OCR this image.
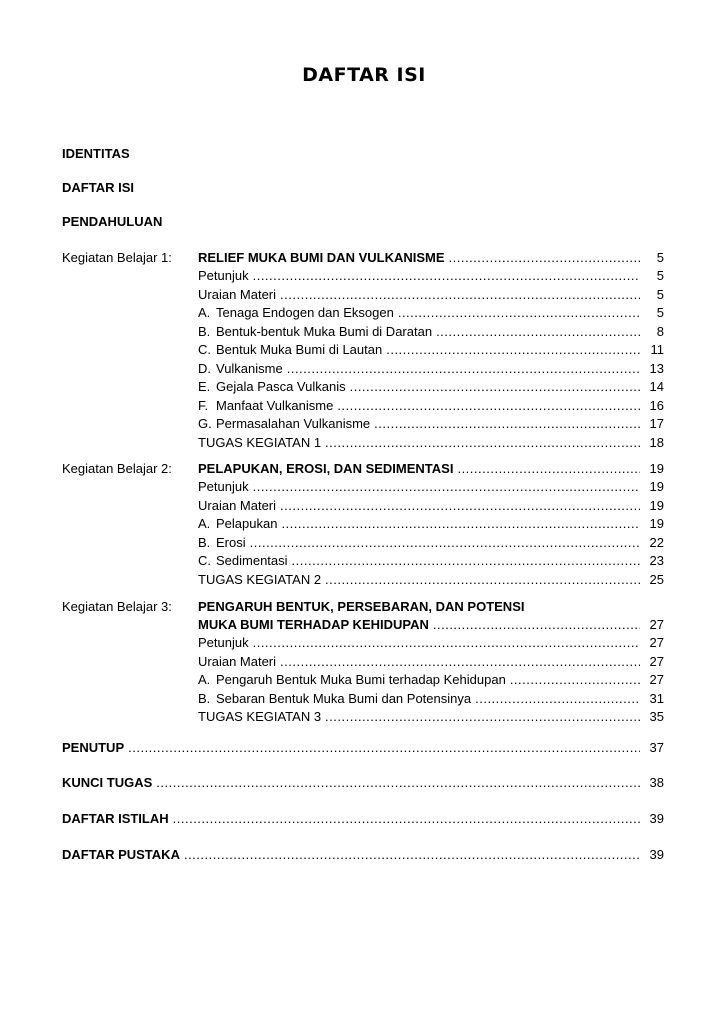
DAFTAR ISI
IDENTITAS
DAFTAR ISI
PENDAHULUAN
Kegiatan Belajar 1: RELIEF MUKA BUMI DAN VULKANISME .....	5
Petunjuk .....	5
Uraian Materi .....	5
A. Tenaga Endogen dan Eksogen .....	5
B. Bentuk-bentuk Muka Bumi di Daratan .....	8
C. Bentuk Muka Bumi di Lautan .....	11
D. Vulkanisme .....	13
E. Gejala Pasca Vulkanis .....	14
F. Manfaat Vulkanisme .....	16
G. Permasalahan Vulkanisme .....	17
TUGAS KEGIATAN 1 .....	18
Kegiatan Belajar 2: PELAPUKAN, EROSI, DAN SEDIMENTASI .....	19
Petunjuk .....	19
Uraian Materi .....	19
A. Pelapukan .....	19
B. Erosi .....	22
C. Sedimentasi .....	23
TUGAS KEGIATAN 2 .....	25
Kegiatan Belajar 3: PENGARUH BENTUK, PERSEBARAN, DAN POTENSI
MUKA BUMI TERHADAP KEHIDUPAN .....	27
Petunjuk .....	27
Uraian Materi .....	27
A. Pengaruh Bentuk Muka Bumi terhadap Kehidupan .....	27
B. Sebaran Bentuk Muka Bumi dan Potensinya .....	31
TUGAS KEGIATAN 3 .....	35
PENUTUP .....	37
KUNCI TUGAS .....	38
DAFTAR ISTILAH .....	39
DAFTAR PUSTAKA .....	39
